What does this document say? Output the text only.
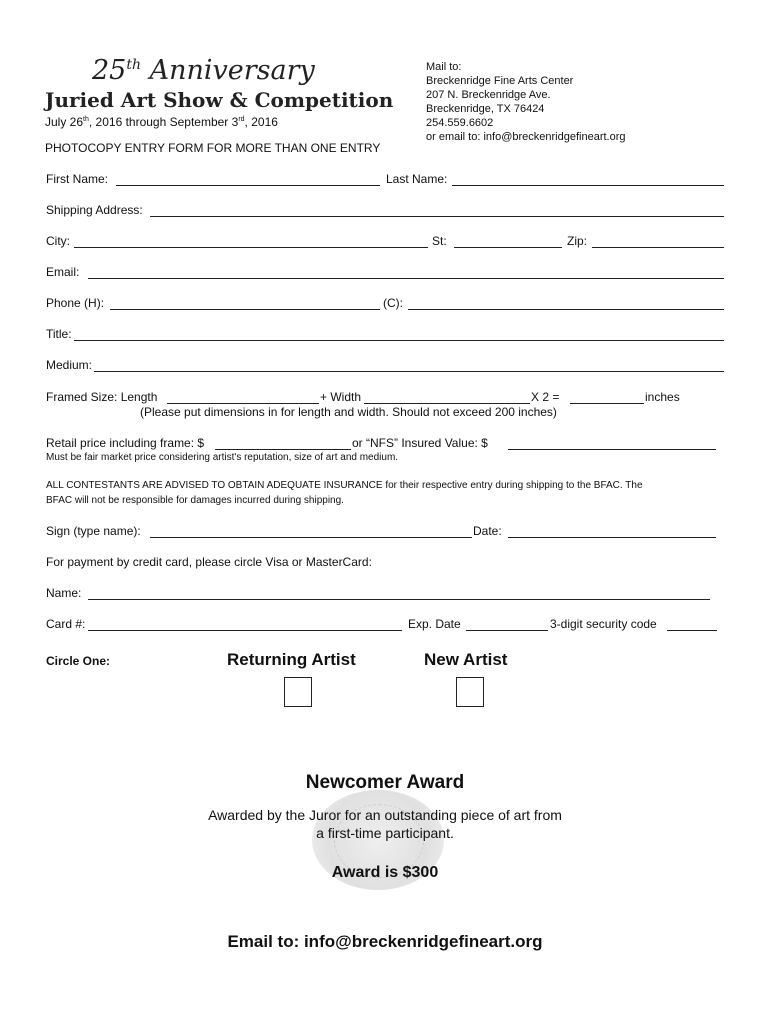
25th Anniversary
Juried Art Show & Competition
July 26th, 2016 through September 3rd, 2016
PHOTOCOPY ENTRY FORM FOR MORE THAN ONE ENTRY
Mail to:
Breckenridge Fine Arts Center
207 N. Breckenridge Ave.
Breckenridge, TX 76424
254.559.6602
or email to: info@breckenridgefineart.org
First Name:	Last Name:
Shipping Address:
City:	St:	Zip:
Email:
Phone (H):	(C):
Title:
Medium:
Framed Size: Length	+ Width	X 2 =	inches
(Please put dimensions in for length and width. Should not exceed 200 inches)
Retail price including frame: $	or “NFS” Insured Value: $
Must be fair market price considering artist's reputation, size of art and medium.
ALL CONTESTANTS ARE ADVISED TO OBTAIN ADEQUATE INSURANCE for their respective entry during shipping to the BFAC. The
BFAC will not be responsible for damages incurred during shipping.
Sign (type name):	Date:
For payment by credit card, please circle Visa or MasterCard:
Name:
Card #:	Exp. Date	3-digit security code
Circle One:	Returning Artist	New Artist
Newcomer Award
Awarded by the Juror for an outstanding piece of art from
a first-time participant.
Award is $300
Email to: info@breckenridgefineart.org
